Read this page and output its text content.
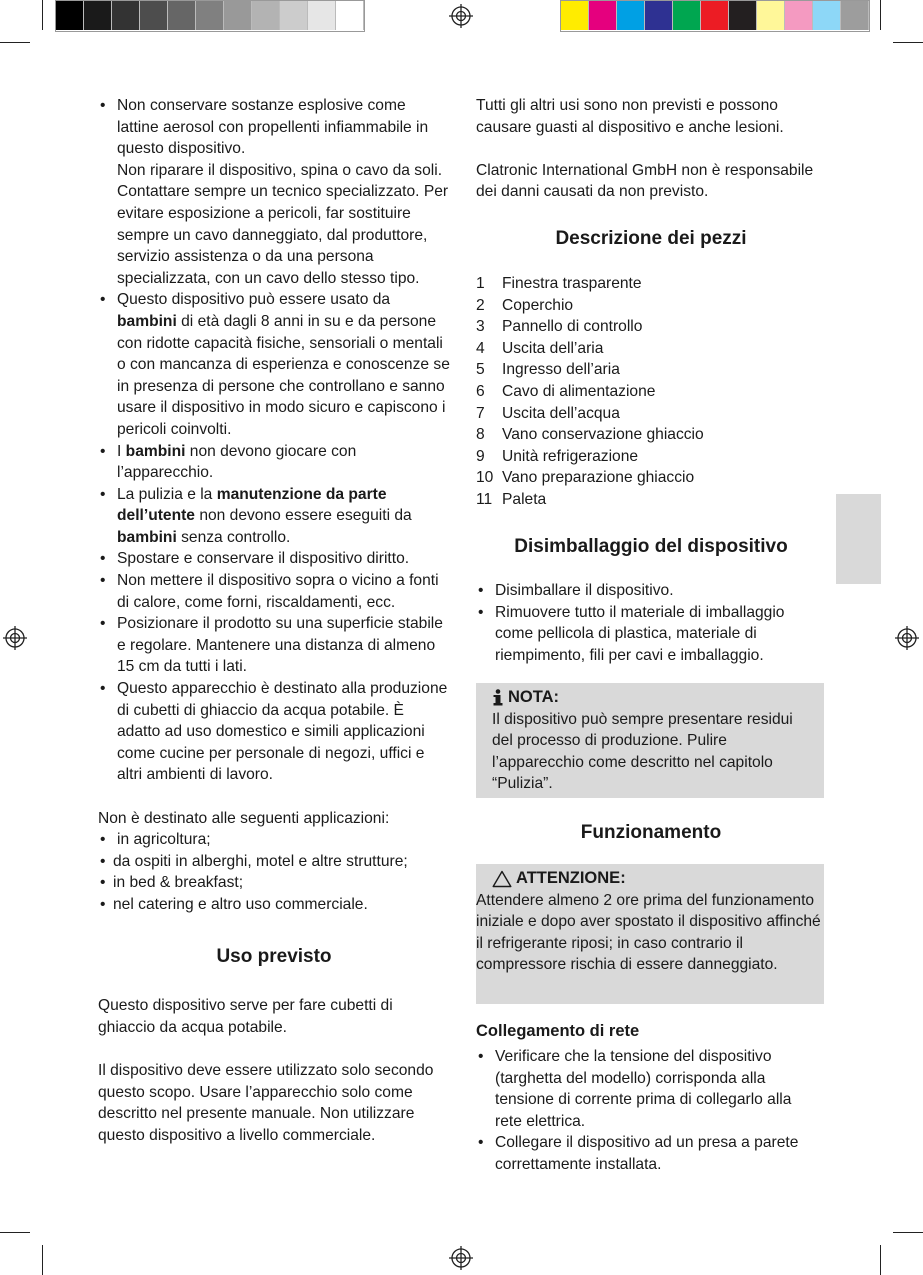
• Non conservare sostanze esplosive come lattine aerosol con propellenti infiammabile in questo dispositivo.
Non riparare il dispositivo, spina o cavo da soli. Contattare sempre un tecnico specializzato. Per evitare esposizione a pericoli, far sostituire sempre un cavo danneggiato, dal produttore, servizio assistenza o da una persona specializzata, con un cavo dello stesso tipo.
• Questo dispositivo può essere usato da bambini di età dagli 8 anni in su e da persone con ridotte capacità fisiche, sensoriali o mentali o con mancanza di esperienza e conoscenze se in presenza di persone che controllano e sanno usare il dispositivo in modo sicuro e capiscono i pericoli coinvolti.
• I bambini non devono giocare con l’apparecchio.
• La pulizia e la manutenzione da parte dell’utente non devono essere eseguiti da bambini senza controllo.
• Spostare e conservare il dispositivo diritto.
• Non mettere il dispositivo sopra o vicino a fonti di calore, come forni, riscaldamenti, ecc.
• Posizionare il prodotto su una superficie stabile e regolare. Mantenere una distanza di almeno 15 cm da tutti i lati.
• Questo apparecchio è destinato alla produzione di cubetti di ghiaccio da acqua potabile. È adatto ad uso domestico e simili applicazioni come cucine per personale di negozi, uffici e altri ambienti di lavoro.

Non è destinato alle seguenti applicazioni:

• in agricoltura;
• da ospiti in alberghi, motel e altre strutture;
• in bed & breakfast;
• nel catering e altro uso commerciale.

Uso previsto

Questo dispositivo serve per fare cubetti di ghiaccio da acqua potabile.

Il dispositivo deve essere utilizzato solo secondo questo scopo. Usare l’apparecchio solo come descritto nel presente manuale. Non utilizzare questo dispositivo a livello commerciale.

Tutti gli altri usi sono non previsti e possono causare guasti al dispositivo e anche lesioni.

Clatronic International GmbH non è responsabile dei danni causati da non previsto.

Descrizione dei pezzi

1	Finestra trasparente
2	Coperchio
3	Pannello di controllo
4	Uscita dell’aria
5	Ingresso dell’aria
6	Cavo di alimentazione
7	Uscita dell’acqua
8	Vano conservazione ghiaccio
9	Unità refrigerazione
10 Vano preparazione ghiaccio
11 Paleta

Disimballaggio del dispositivo

• Disimballare il dispositivo.
• Rimuovere tutto il materiale di imballaggio come pellicola di plastica, materiale di riempimento, fili per cavi e imballaggio.
NOTA:

Il dispositivo può sempre presentare residui del processo di produzione. Pulire l’apparecchio come descritto nel capitolo “Pulizia”.

Funzionamento

ATTENZIONE:

Attendere almeno 2 ore prima del funzionamento iniziale e dopo aver spostato il dispositivo affinché il refrigerante riposi; in caso contrario il compressore rischia di essere danneggiato.

Collegamento di rete

• Verificare che la tensione del dispositivo (targhetta del modello) corrisponda alla tensione di corrente prima di collegarlo alla rete elettrica.
• Collegare il dispositivo ad un presa a parete correttamente installata.
